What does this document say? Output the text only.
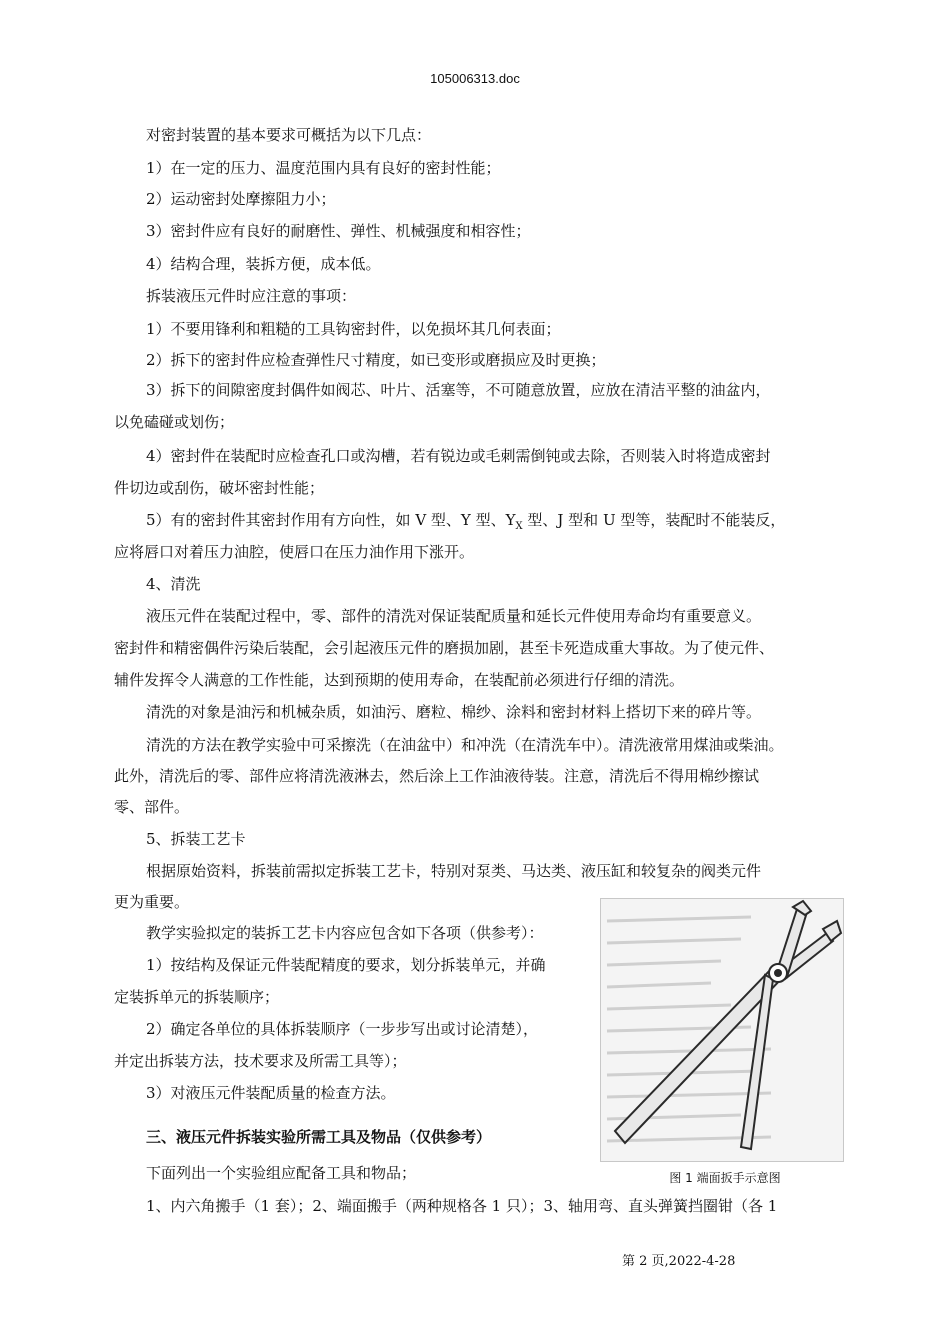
105006313.doc
对密封装置的基本要求可概括为以下几点：
1）在一定的压力、温度范围内具有良好的密封性能；
2）运动密封处摩擦阻力小；
3）密封件应有良好的耐磨性、弹性、机械强度和相容性；
4）结构合理，装拆方便，成本低。
拆装液压元件时应注意的事项：
1）不要用锋利和粗糙的工具钩密封件，以免损坏其几何表面；
2）拆下的密封件应检查弹性尺寸精度，如已变形或磨损应及时更换；
3）拆下的间隙密度封偶件如阀芯、叶片、活塞等，不可随意放置，应放在清洁平整的油盆内，
以免磕碰或划伤；
4）密封件在装配时应检查孔口或沟槽，若有锐边或毛刺需倒钝或去除，否则装入时将造成密封
件切边或刮伤，破坏密封性能；
5）有的密封件其密封作用有方向性，如 V 型、Y 型、$Y_X$ 型、J 型和 U 型等，装配时不能装反，
应将唇口对着压力油腔，使唇口在压力油作用下涨开。
4、清洗
液压元件在装配过程中，零、部件的清洗对保证装配质量和延长元件使用寿命均有重要意义。
密封件和精密偶件污染后装配，会引起液压元件的磨损加剧，甚至卡死造成重大事故。为了使元件、
辅件发挥令人满意的工作性能，达到预期的使用寿命，在装配前必须进行仔细的清洗。
清洗的对象是油污和机械杂质，如油污、磨粒、棉纱、涂料和密封材料上搭切下来的碎片等。
清洗的方法在教学实验中可采擦洗（在油盆中）和冲洗（在清洗车中）。清洗液常用煤油或柴油。
此外，清洗后的零、部件应将清洗液淋去，然后涂上工作油液待装。注意，清洗后不得用棉纱擦试
零、部件。
5、拆装工艺卡
根据原始资料，拆装前需拟定拆装工艺卡，特别对泵类、马达类、液压缸和较复杂的阀类元件
更为重要。
教学实验拟定的装拆工艺卡内容应包含如下各项（供参考）：
1）按结构及保证元件装配精度的要求，划分拆装单元，并确
定装拆单元的拆装顺序；
2）确定各单位的具体拆装顺序（一步步写出或讨论清楚），
并定出拆装方法，技术要求及所需工具等）；
3）对液压元件装配质量的检查方法。
三、液压元件拆装实验所需工具及物品（仅供参考）
下面列出一个实验组应配备工具和物品；
1、内六角搬手（1 套）；2、端面搬手（两种规格各 1 只）；3、轴用弯、直头弹簧挡圈钳（各 1
图 1 端面扳手示意图
第 2 页,2022-4-28
